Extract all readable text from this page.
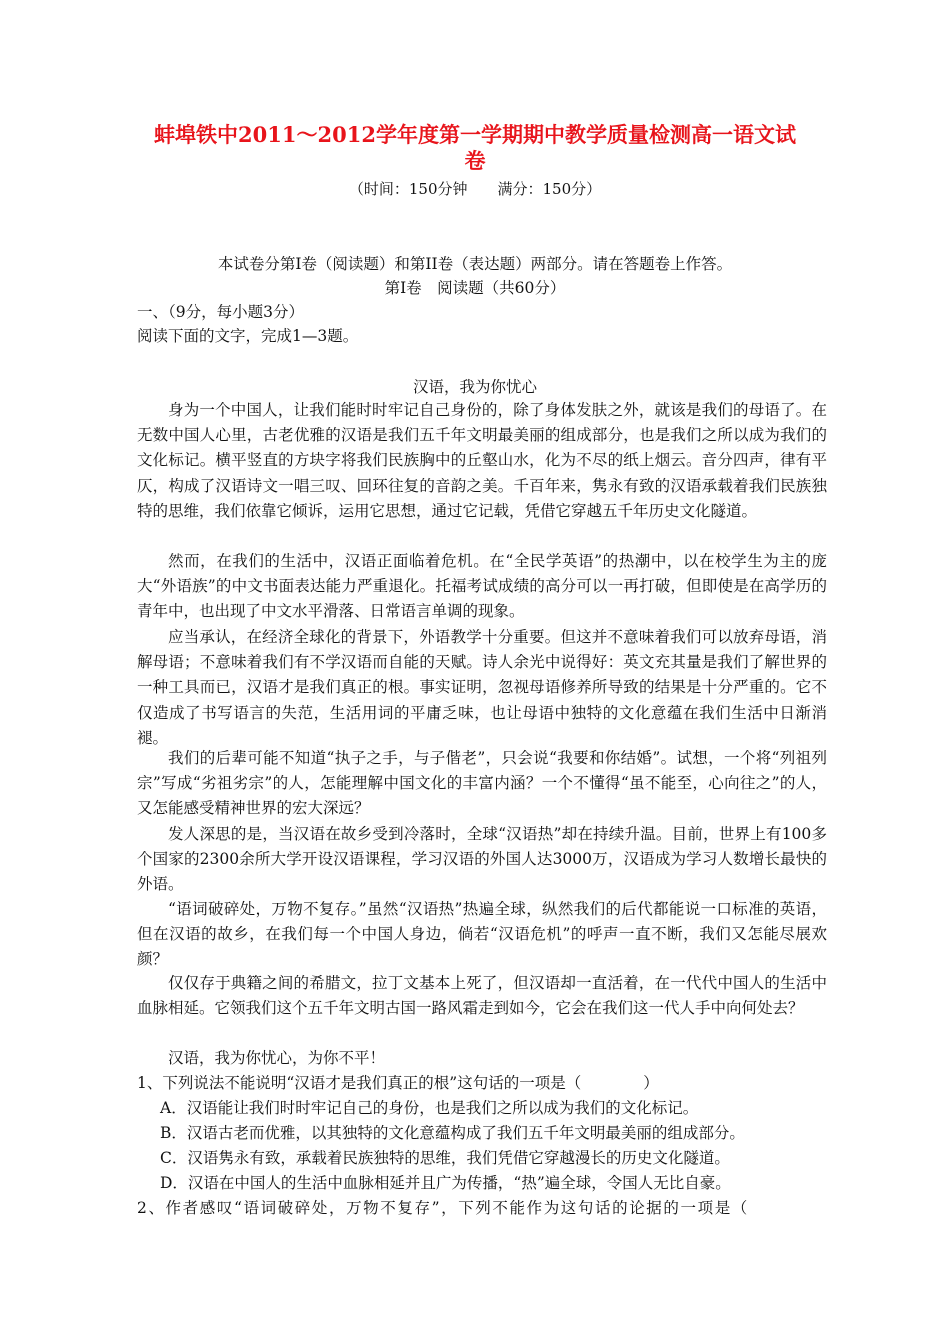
蚌埠铁中2011～2012学年度第一学期期中教学质量检测高一语文试
卷
（时间：150分钟　　满分：150分）
本试卷分第Ⅰ卷（阅读题）和第II卷（表达题）两部分。请在答题卷上作答。
第Ⅰ卷　阅读题（共60分）
一、（9分，每小题3分）
阅读下面的文字，完成1—3题。
汉语，我为你忧心
身为一个中国人，让我们能时时牢记自己身份的，除了身体发肤之外，就该是我们的母语了。在无数中国人心里，古老优雅的汉语是我们五千年文明最美丽的组成部分，也是我们之所以成为我们的文化标记。横平竖直的方块字将我们民族胸中的丘壑山水，化为不尽的纸上烟云。音分四声，律有平仄，构成了汉语诗文一唱三叹、回环往复的音韵之美。千百年来，隽永有致的汉语承载着我们民族独特的思维，我们依靠它倾诉，运用它思想，通过它记载，凭借它穿越五千年历史文化隧道。
然而，在我们的生活中，汉语正面临着危机。在“全民学英语”的热潮中，以在校学生为主的庞大“外语族”的中文书面表达能力严重退化。托福考试成绩的高分可以一再打破，但即使是在高学历的青年中，也出现了中文水平滑落、日常语言单调的现象。
应当承认，在经济全球化的背景下，外语教学十分重要。但这并不意味着我们可以放弃母语，消解母语；不意味着我们有不学汉语而自能的天赋。诗人余光中说得好：英文充其量是我们了解世界的一种工具而已，汉语才是我们真正的根。事实证明，忽视母语修养所导致的结果是十分严重的。它不仅造成了书写语言的失范，生活用词的平庸乏味，也让母语中独特的文化意蕴在我们生活中日渐消褪。
我们的后辈可能不知道“执子之手，与子偕老”，只会说“我要和你结婚”。试想，一个将“列祖列宗”写成“劣祖劣宗”的人，怎能理解中国文化的丰富内涵？一个不懂得“虽不能至，心向往之”的人，又怎能感受精神世界的宏大深远？
发人深思的是，当汉语在故乡受到冷落时，全球“汉语热”却在持续升温。目前，世界上有100多个国家的2300余所大学开设汉语课程，学习汉语的外国人达3000万，汉语成为学习人数增长最快的外语。
“语词破碎处，万物不复存。”虽然“汉语热”热遍全球，纵然我们的后代都能说一口标准的英语，但在汉语的故乡，在我们每一个中国人身边，倘若“汉语危机”的呼声一直不断，我们又怎能尽展欢颜？
仅仅存于典籍之间的希腊文，拉丁文基本上死了，但汉语却一直活着，在一代代中国人的生活中血脉相延。它领我们这个五千年文明古国一路风霜走到如今，它会在我们这一代人手中向何处去？
汉语，我为你忧心，为你不平！
1、下列说法不能说明“汉语才是我们真正的根”这句话的一项是（　　　　）
A．汉语能让我们时时牢记自己的身份，也是我们之所以成为我们的文化标记。
B．汉语古老而优雅，以其独特的文化意蕴构成了我们五千年文明最美丽的组成部分。
C．汉语隽永有致，承载着民族独特的思维，我们凭借它穿越漫长的历史文化隧道。
D．汉语在中国人的生活中血脉相延并且广为传播，“热”遍全球，令国人无比自豪。
2、作者感叹“语词破碎处，万物不复存”，下列不能作为这句话的论据的一项是（
